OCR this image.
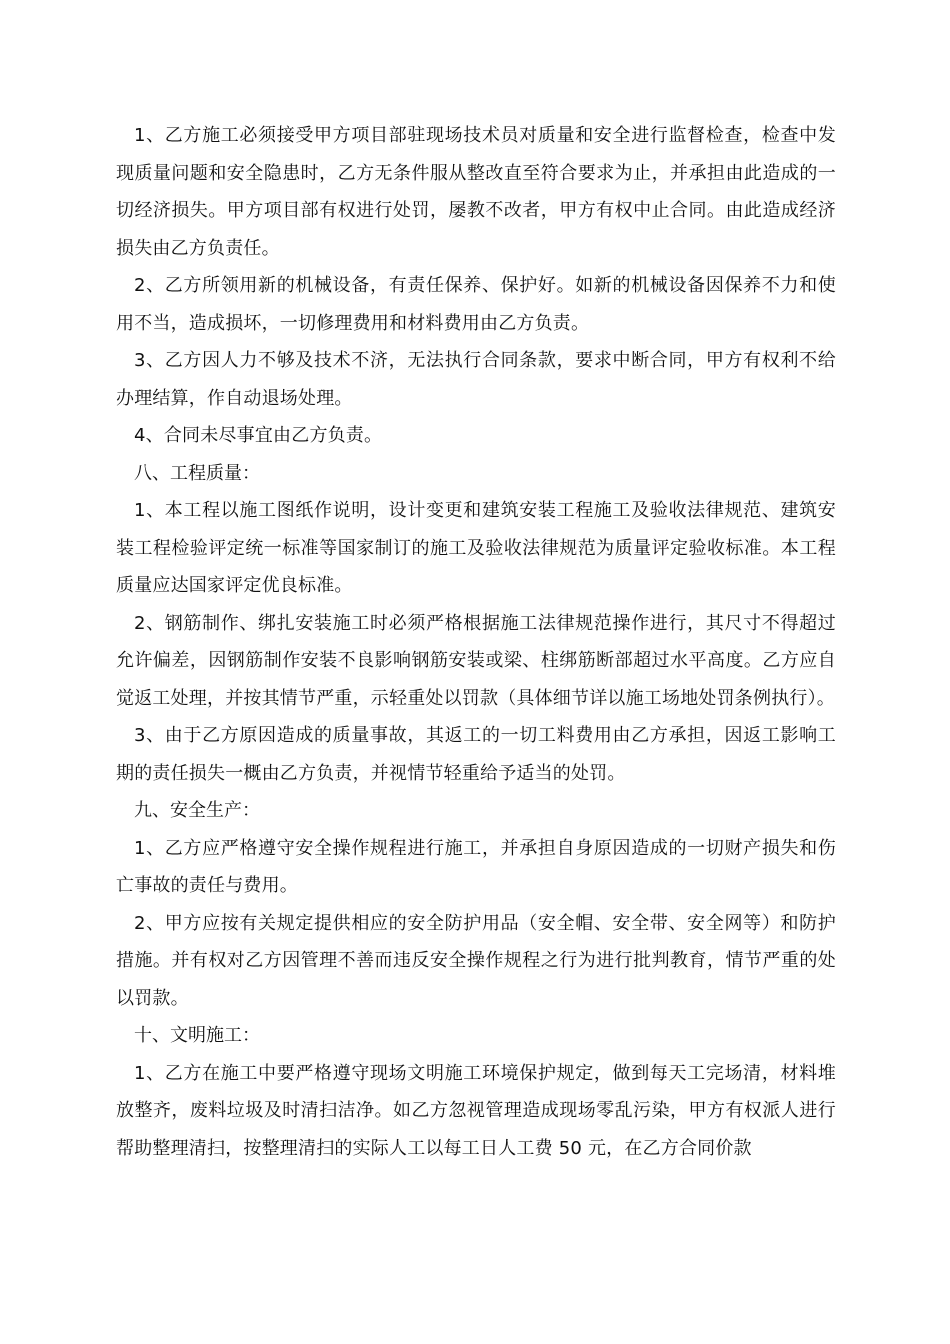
1、乙方施工必须接受甲方项目部驻现场技术员对质量和安全进行监督检查，检查中发现质量问题和安全隐患时，乙方无条件服从整改直至符合要求为止，并承担由此造成的一切经济损失。甲方项目部有权进行处罚，屡教不改者，甲方有权中止合同。由此造成经济损失由乙方负责任。

2、乙方所领用新的机械设备，有责任保养、保护好。如新的机械设备因保养不力和使用不当，造成损坏，一切修理费用和材料费用由乙方负责。

3、乙方因人力不够及技术不济，无法执行合同条款，要求中断合同，甲方有权利不给办理结算，作自动退场处理。

4、合同未尽事宜由乙方负责。

八、工程质量：

1、本工程以施工图纸作说明，设计变更和建筑安装工程施工及验收法律规范、建筑安装工程检验评定统一标准等国家制订的施工及验收法律规范为质量评定验收标准。本工程质量应达国家评定优良标准。

2、钢筋制作、绑扎安装施工时必须严格根据施工法律规范操作进行，其尺寸不得超过允许偏差，因钢筋制作安装不良影响钢筋安装或梁、柱绑筋断部超过水平高度。乙方应自觉返工处理，并按其情节严重，示轻重处以罚款（具体细节详以施工场地处罚条例执行）。

3、由于乙方原因造成的质量事故，其返工的一切工料费用由乙方承担，因返工影响工期的责任损失一概由乙方负责，并视情节轻重给予适当的处罚。

九、安全生产：

1、乙方应严格遵守安全操作规程进行施工，并承担自身原因造成的一切财产损失和伤亡事故的责任与费用。

2、甲方应按有关规定提供相应的安全防护用品（安全帽、安全带、安全网等）和防护措施。并有权对乙方因管理不善而违反安全操作规程之行为进行批判教育，情节严重的处以罚款。

十、文明施工：

1、乙方在施工中要严格遵守现场文明施工环境保护规定，做到每天工完场清，材料堆放整齐，废料垃圾及时清扫洁净。如乙方忽视管理造成现场零乱污染，甲方有权派人进行帮助整理清扫，按整理清扫的实际人工以每工日人工费 50 元，在乙方合同价款
